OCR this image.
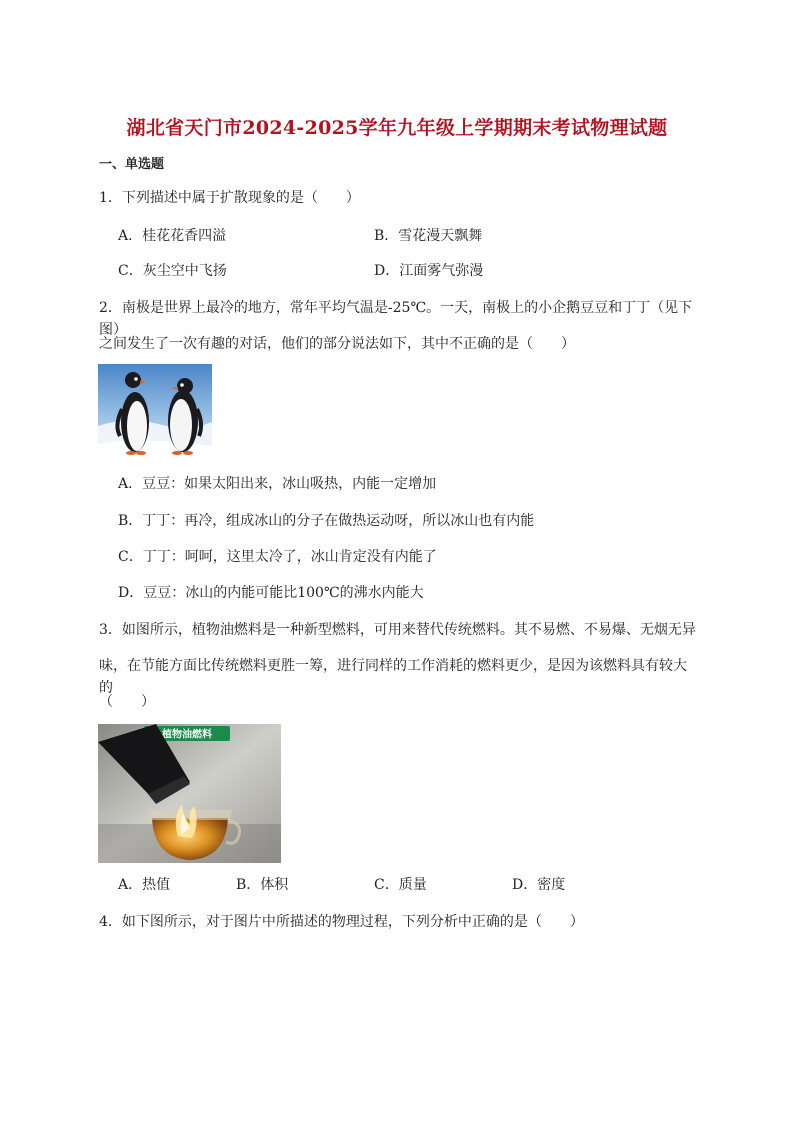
湖北省天门市2024-2025学年九年级上学期期末考试物理试题
一、单选题
1．下列描述中属于扩散现象的是（　　）
A．桂花花香四溢	B．雪花漫天飘舞
C．灰尘空中飞扬	D．江面雾气弥漫
2．南极是世界上最冷的地方，常年平均气温是-25℃。一天，南极上的小企鹅豆豆和丁丁（见下图）
之间发生了一次有趣的对话，他们的部分说法如下，其中不正确的是（　　）
A．豆豆：如果太阳出来，冰山吸热，内能一定增加
B．丁丁：再冷，组成冰山的分子在做热运动呀，所以冰山也有内能
C．丁丁：呵呵，这里太冷了，冰山肯定没有内能了
D．豆豆：冰山的内能可能比100℃的沸水内能大
3．如图所示，植物油燃料是一种新型燃料，可用来替代传统燃料。其不易燃、不易爆、无烟无异
味，在节能方面比传统燃料更胜一筹，进行同样的工作消耗的燃料更少，是因为该燃料具有较大的
（　　）
植物油燃料
A．热值	B．体积	C．质量	D．密度
4．如下图所示，对于图片中所描述的物理过程，下列分析中正确的是（　　）
